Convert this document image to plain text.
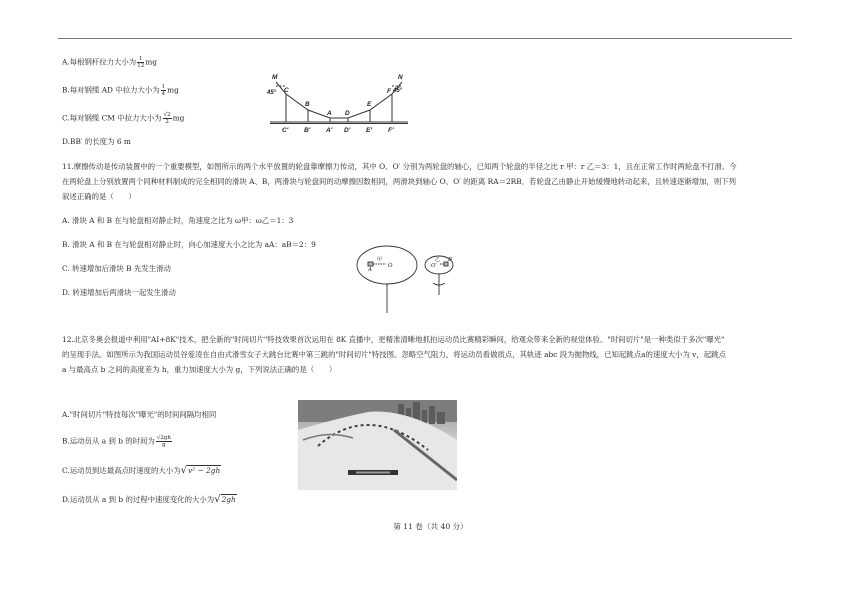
A.每根钢杆拉力大小为 $\frac{1}{12}$ mg
B.每对钢缆 AD 中拉力大小为 $\frac{1}{4}$ mg
C.每对钢缆 CM 中拉力大小为 $\frac{√2}{2}$ mg
D.BB′ 的长度为 6 m
M	N
45°	45°
C
B
A D
E
F
C′ B′ A′ D′ E′ F′
11.摩擦传动是传动装置中的一个重要模型，如图所示的两个水平放置的轮盘靠摩擦力传动，其中 O、O′ 分别为两轮盘的轴心，已知两个轮盘的半径之比 r 甲：r 乙＝3：1，且在正常工作时两轮盘不打滑。今
在两轮盘上分别放置两个同种材料制成的完全相同的滑块 A、B，两滑块与轮盘间的动摩擦因数相同，两滑块到轴心 O、O′ 的距离 RA＝2RB．若轮盘乙由静止开始缓慢地转动起来，且转速逐渐增加，则下列
叙述正确的是（　　）
A. 滑块 A 和 B 在与轮盘相对静止时，角速度之比为 ω甲：ω乙＝1：3
B. 滑块 A 和 B 在与轮盘相对静止时，向心加速度大小之比为 aA：aB＝2：9
C. 转速增加后滑块 B 先发生滑动
D. 转速增加后两滑块一起发生滑动
A
O
甲	乙
O′
B
12.北京冬奥会报道中利用"AI+8K"技术，把全新的"时间切片"特技效果首次运用在 8K 直播中，更精准清晰地抓拍运动员比赛精彩瞬间，给观众带来全新的视觉体验。"时间切片"是一种类似于多次"曝光"
的呈现手法。如图所示为我国运动员谷爱凌在自由式滑雪女子大跳台比赛中第三跳的"时间切片"特技图。忽略空气阻力，将运动员看做质点，其轨迹 abc 段为抛物线，已知起跳点a的速度大小为 v，起跳点
a 与最高点 b 之间的高度差为 h，重力加速度大小为 g，下列说法正确的是（　　）
A."时间切片"特技每次"曝光"的时间间隔均相同
B.运动员从 a 到 b 的时间为 $\frac{√2gh}{g}$
C.运动员到达最高点时速度的大小为√v² − 2gh
D.运动员从 a 到 b 的过程中速度变化的大小为√2gh
第 11 卷（共 40 分）
